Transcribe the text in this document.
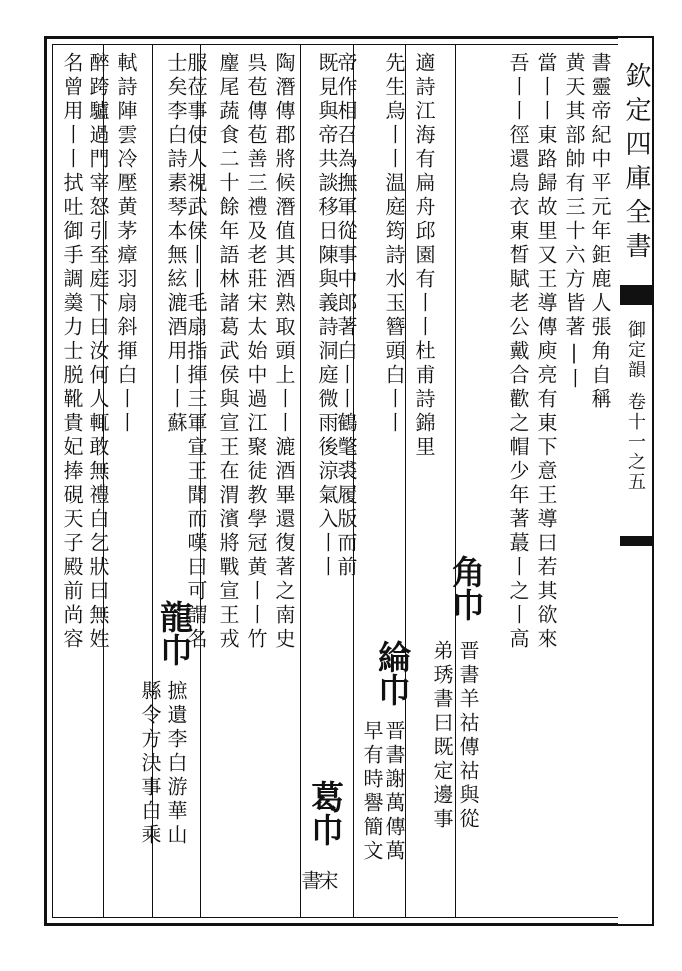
欽定四庫全書
御定韻
卷十一之五
書靈帝紀中平元年鉅鹿人張角自稱
黄天其部帥有三十六方皆著|丨
當丨丨東路歸故里又王導傳庾亮有東下意王導曰若其欲來
吾丨丨徑還烏衣東晳賦老公戴合歡之帽少年著蕞丨之丨高
角巾
晋書羊祜傳祜與從
弟琇書曰既定邊事
適詩江海有扁舟邱園有丨丨杜甫詩錦里
先生烏丨丨温庭筠詩水玉簪頭白丨丨
綸巾
晋書謝萬傳萬
早有時譽簡文
帝作相召為撫軍從事中郎著白丨丨鶴氅裘履版而前
既見與帝共談移日陳與義詩洞庭微雨後涼氣入丨丨
葛巾
宋
書
陶潛傳郡將候潛值其酒熟取頭上丨丨漉酒畢還復著之南史
呉苞傳苞善三禮及老莊宋太始中過江聚徒教學冠黄丨丨竹
麈尾蔬食二十餘年語林諸葛武侯與宣王在渭濱將戰宣王戎
服莅事使人視武侯丨丨毛扇指揮三軍宣王聞而嘆曰可謂名
士矣李白詩素琴本無絃漉酒用丨丨蘇
龍巾
摭遺李白游華山
縣令方決事白乘
軾詩陣雲冷壓黄茅瘴羽扇斜揮白丨丨
醉跨驢過門宰怒引至庭下曰汝何人輒敢無禮白乞狀曰無姓
名曾用丨丨拭吐御手調羮力士脱靴貴妃捧硯天子殿前尚容
